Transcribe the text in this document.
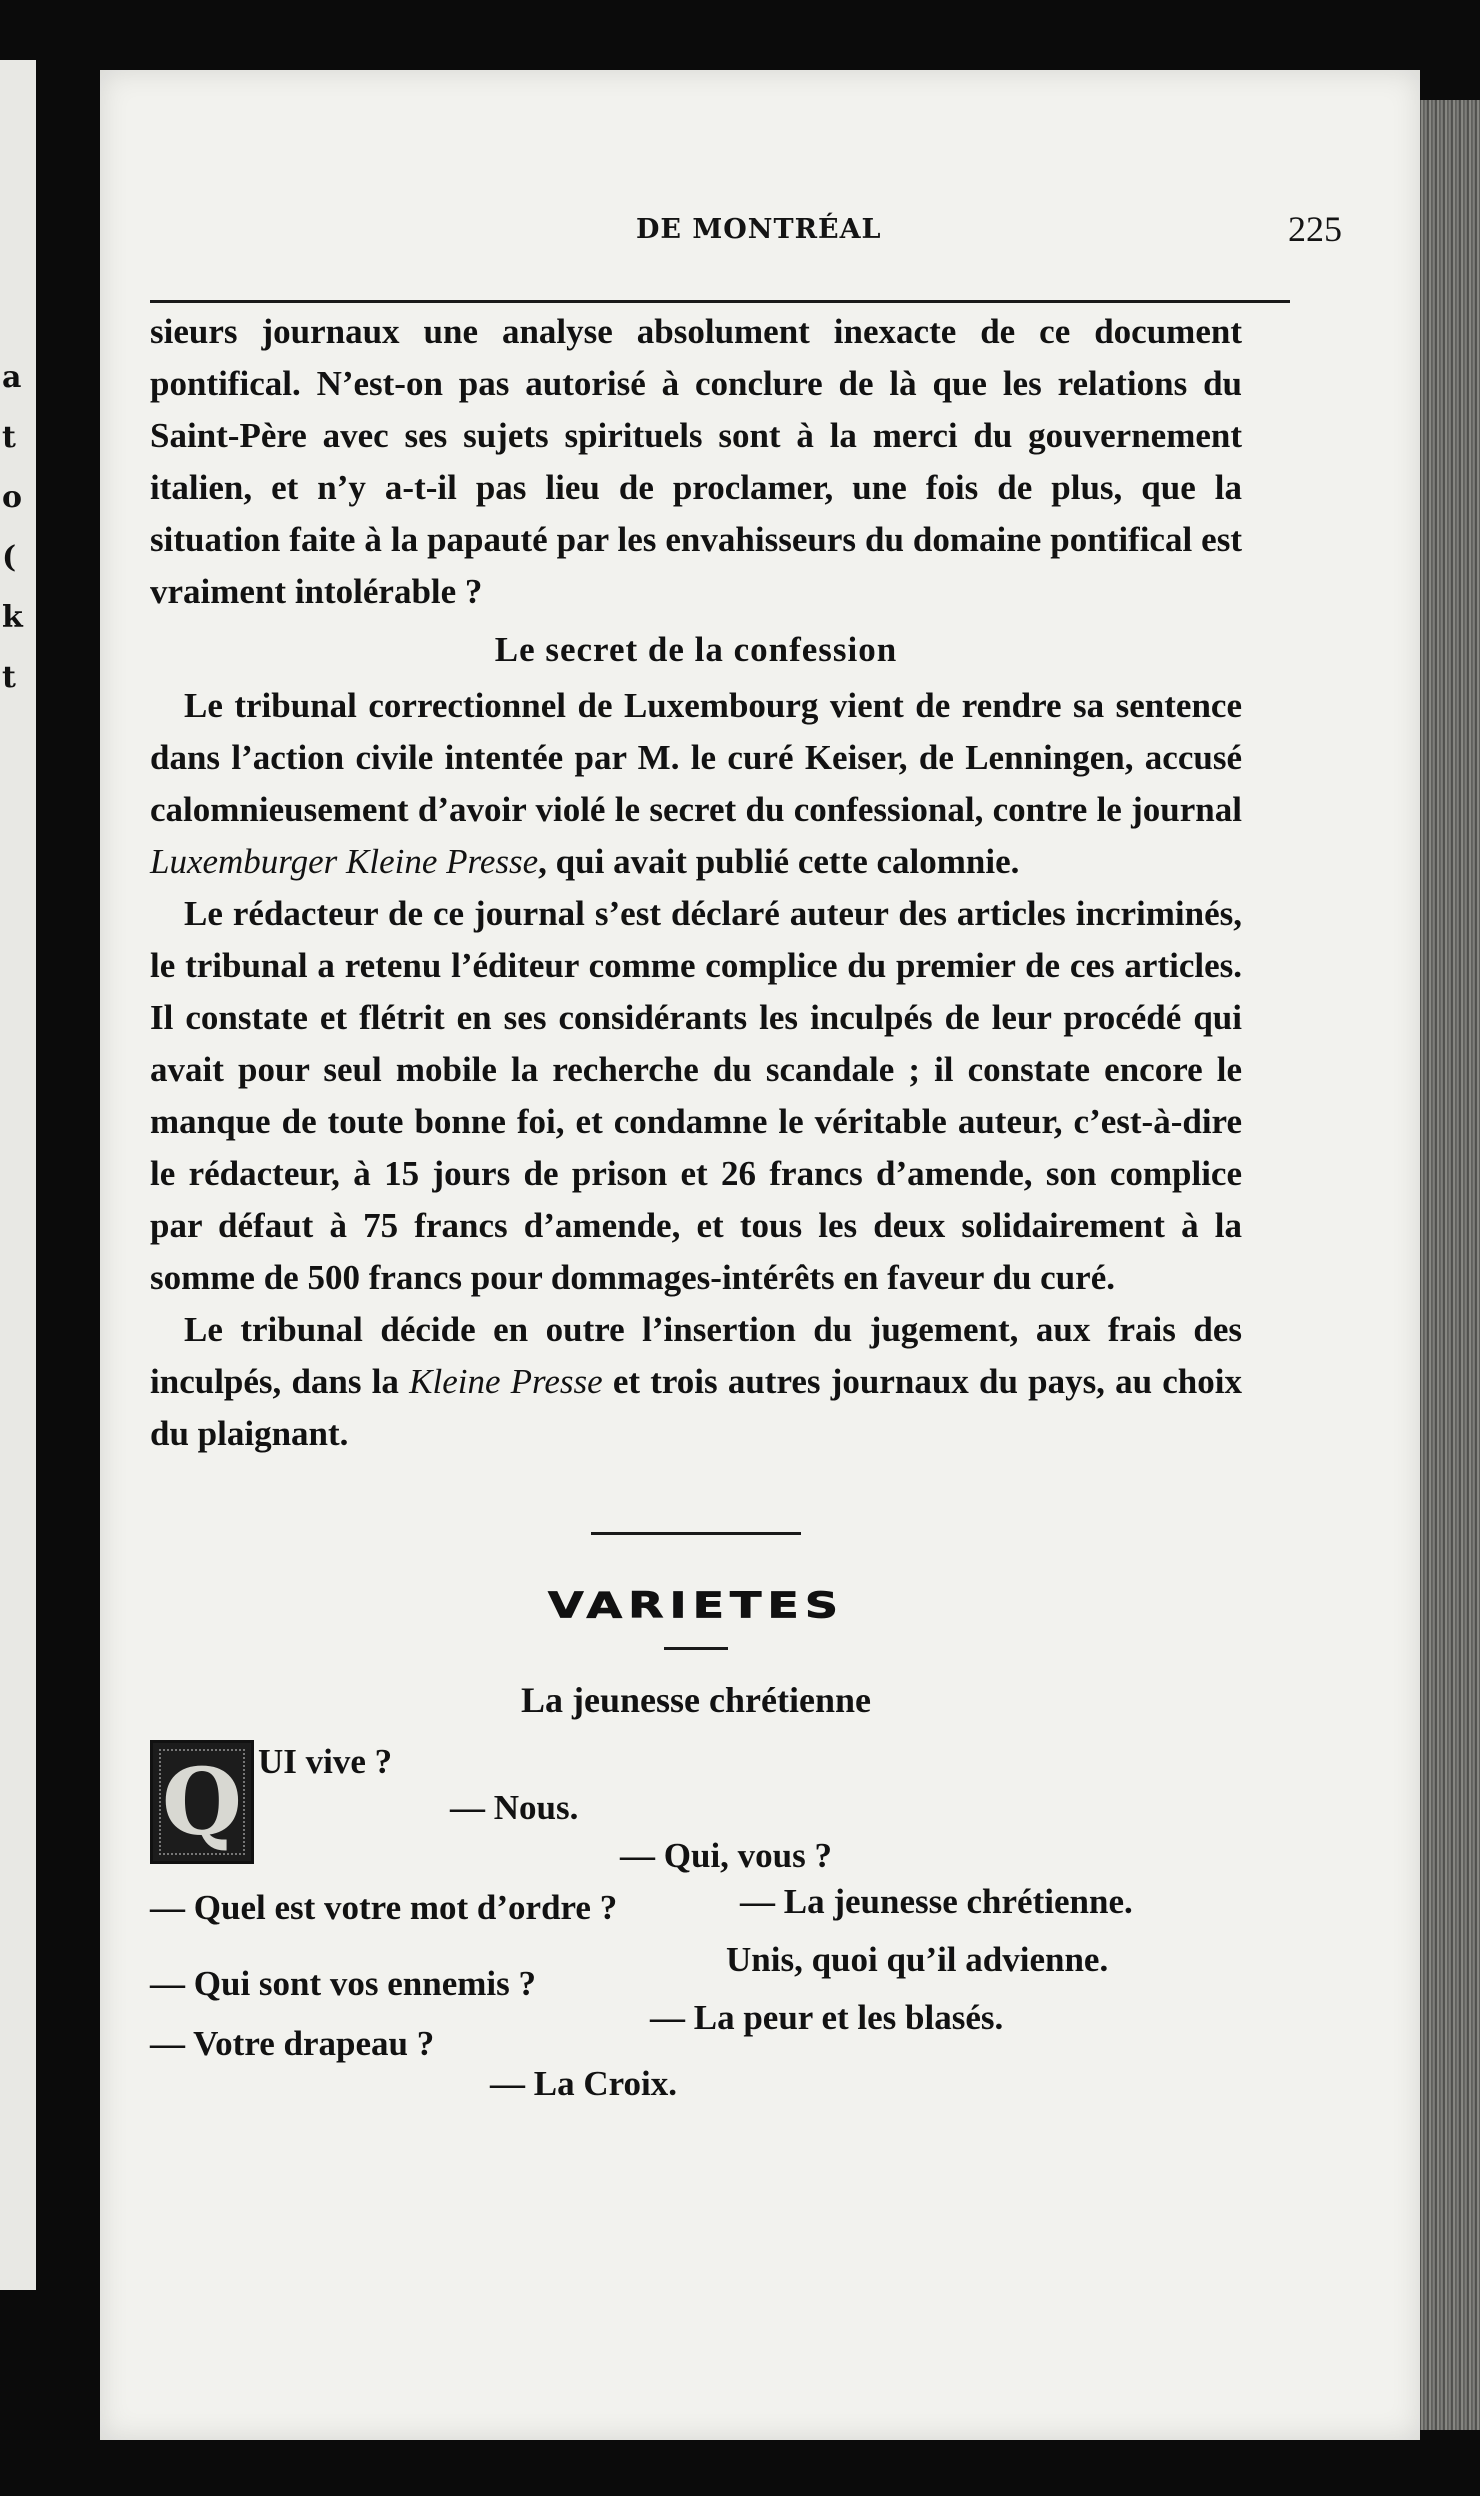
a
t
o
(
k
t
DE MONTRÉAL	225

sieurs journaux une analyse absolument inexacte de ce document pontifical. N’est-on pas autorisé à conclure de là que les relations du Saint-Père avec ses sujets spirituels sont à la merci du gouvernement italien, et n’y a-t-il pas lieu de proclamer, une fois de plus, que la situation faite à la papauté par les envahisseurs du domaine pontifical est vraiment intolérable ?

Le secret de la confession

Le tribunal correctionnel de Luxembourg vient de rendre sa sentence dans l’action civile intentée par M. le curé Keiser, de Lenningen, accusé calomnieusement d’avoir violé le secret du confessional, contre le journal Luxemburger Kleine Presse, qui avait publié cette calomnie.

Le rédacteur de ce journal s’est déclaré auteur des articles incriminés, le tribunal a retenu l’éditeur comme complice du premier de ces articles. Il constate et flétrit en ses considérants les inculpés de leur procédé qui avait pour seul mobile la recherche du scandale ; il constate encore le manque de toute bonne foi, et condamne le véritable auteur, c’est-à-dire le rédacteur, à 15 jours de prison et 26 francs d’amende, son complice par défaut à 75 francs d’amende, et tous les deux solidairement à la somme de 500 francs pour dommages-intérêts en faveur du curé.

Le tribunal décide en outre l’insertion du jugement, aux frais des inculpés, dans la Kleine Presse et trois autres journaux du pays, au choix du plaignant.

VARIETES
La jeunesse chrétienne
Q UI vive ?
— Nous.
— Qui, vous ?
— Quel est votre mot d’ordre ?	— La jeunesse chrétienne.
Unis, quoi qu’il advienne.
— Qui sont vos ennemis ?
— La peur et les blasés.
— Votre drapeau ?
— La Croix.
